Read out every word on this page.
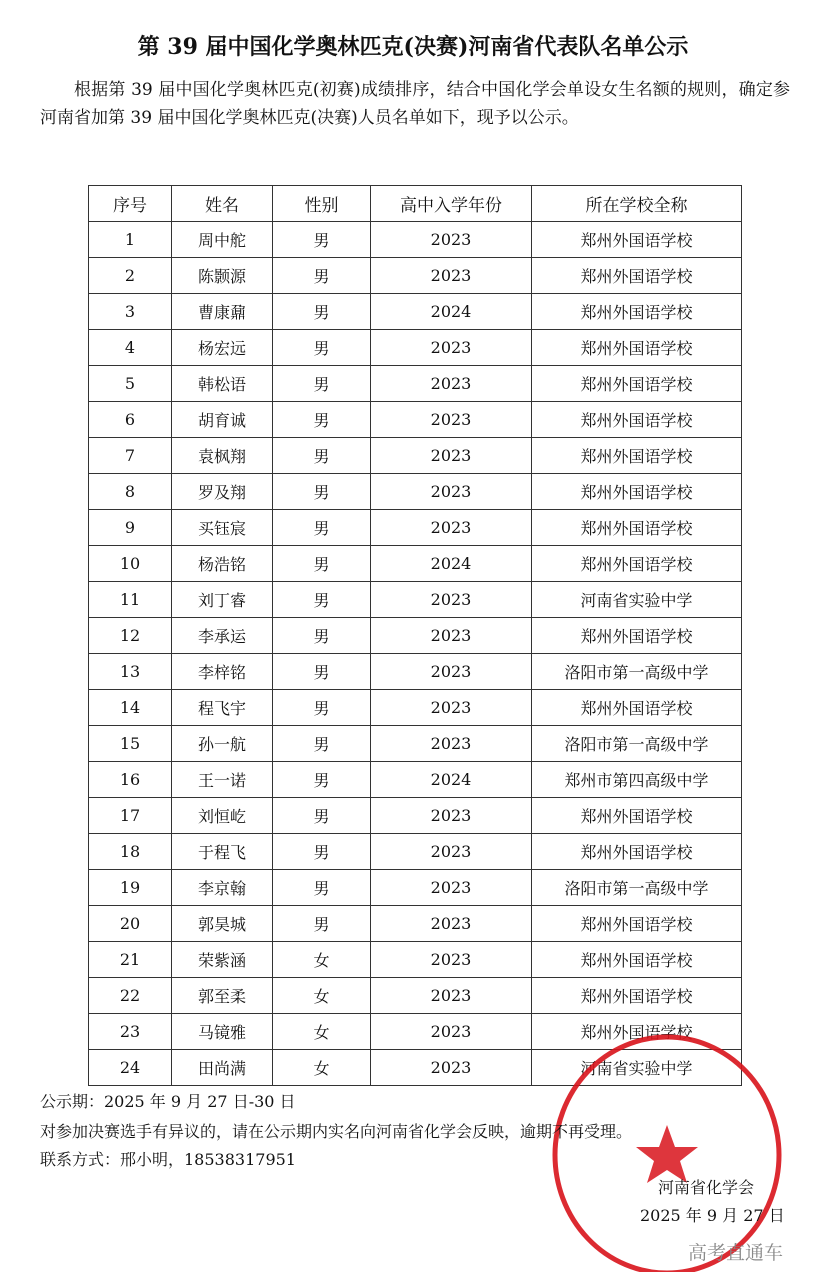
第 39 届中国化学奥林匹克(决赛)河南省代表队名单公示
根据第 39 届中国化学奥林匹克(初赛)成绩排序，结合中国化学会单设女生名额的规则，确定参河南省加第 39 届中国化学奥林匹克(决赛)人员名单如下，现予以公示。
序号	姓名	性别	高中入学年份	所在学校全称
1	周中舵	男	2023	郑州外国语学校
2	陈颢源	男	2023	郑州外国语学校
3	曹康鼐	男	2024	郑州外国语学校
4	杨宏远	男	2023	郑州外国语学校
5	韩松语	男	2023	郑州外国语学校
6	胡育诚	男	2023	郑州外国语学校
7	袁枫翔	男	2023	郑州外国语学校
8	罗及翔	男	2023	郑州外国语学校
9	买钰宸	男	2023	郑州外国语学校
10	杨浩铭	男	2024	郑州外国语学校
11	刘丁睿	男	2023	河南省实验中学
12	李承运	男	2023	郑州外国语学校
13	李梓铭	男	2023	洛阳市第一高级中学
14	程飞宇	男	2023	郑州外国语学校
15	孙一航	男	2023	洛阳市第一高级中学
16	王一诺	男	2024	郑州市第四高级中学
17	刘恒屹	男	2023	郑州外国语学校
18	于程飞	男	2023	郑州外国语学校
19	李京翰	男	2023	洛阳市第一高级中学
20	郭昊城	男	2023	郑州外国语学校
21	荣紫涵	女	2023	郑州外国语学校
22	郭至柔	女	2023	郑州外国语学校
23	马镜雅	女	2023	郑州外国语学校
24	田尚满	女	2023	河南省实验中学
公示期：2025 年 9 月 27 日-30 日
对参加决赛选手有异议的，请在公示期内实名向河南省化学会反映，逾期不再受理。
联系方式：邢小明，18538317951
河南省化学会
2025 年 9 月 27 日
高考直通车
